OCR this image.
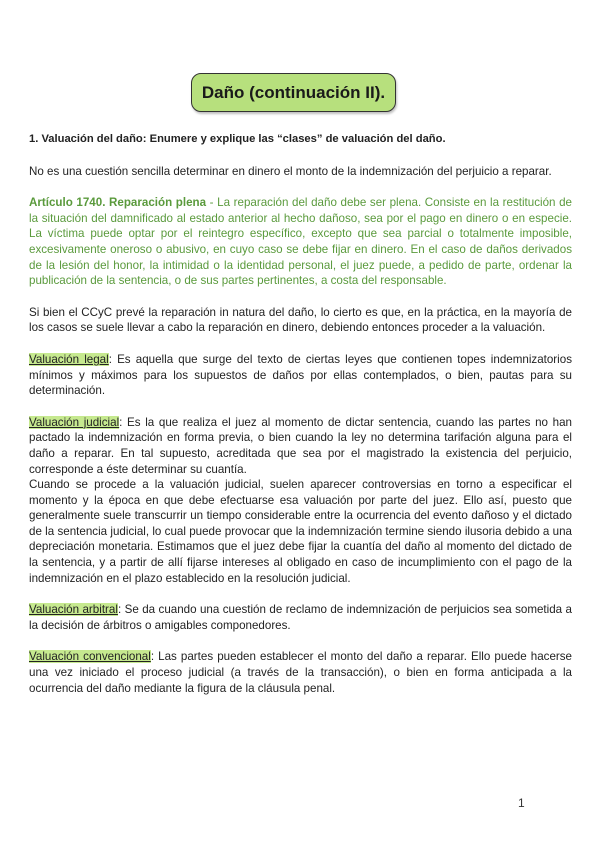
Daño (continuación II).

1. Valuación del daño: Enumere y explique las “clases” de valuación del daño.

No es una cuestión sencilla determinar en dinero el monto de la indemnización del perjuicio a reparar.

Artículo 1740. Reparación plena - La reparación del daño debe ser plena. Consiste en la restitución de la situación del damnificado al estado anterior al hecho dañoso, sea por el pago en dinero o en especie. La víctima puede optar por el reintegro específico, excepto que sea parcial o totalmente imposible, excesivamente oneroso o abusivo, en cuyo caso se debe fijar en dinero. En el caso de daños derivados de la lesión del honor, la intimidad o la identidad personal, el juez puede, a pedido de parte, ordenar la publicación de la sentencia, o de sus partes pertinentes, a costa del responsable.

Si bien el CCyC prevé la reparación in natura del daño, lo cierto es que, en la práctica, en la mayoría de los casos se suele llevar a cabo la reparación en dinero, debiendo entonces proceder a la valuación.

Valuación legal: Es aquella que surge del texto de ciertas leyes que contienen topes indemnizatorios mínimos y máximos para los supuestos de daños por ellas contemplados, o bien, pautas para su determinación.

Valuación judicial: Es la que realiza el juez al momento de dictar sentencia, cuando las partes no han pactado la indemnización en forma previa, o bien cuando la ley no determina tarifación alguna para el daño a reparar. En tal supuesto, acreditada que sea por el magistrado la existencia del perjuicio, corresponde a éste determinar su cuantía.

Cuando se procede a la valuación judicial, suelen aparecer controversias en torno a especificar el momento y la época en que debe efectuarse esa valuación por parte del juez. Ello así, puesto que generalmente suele transcurrir un tiempo considerable entre la ocurrencia del evento dañoso y el dictado de la sentencia judicial, lo cual puede provocar que la indemnización termine siendo ilusoria debido a una depreciación monetaria. Estimamos que el juez debe fijar la cuantía del daño al momento del dictado de la sentencia, y a partir de allí fijarse intereses al obligado en caso de incumplimiento con el pago de la indemnización en el plazo establecido en la resolución judicial.

Valuación arbitral: Se da cuando una cuestión de reclamo de indemnización de perjuicios sea sometida a la decisión de árbitros o amigables componedores.

Valuación convencional: Las partes pueden establecer el monto del daño a reparar. Ello puede hacerse una vez iniciado el proceso judicial (a través de la transacción), o bien en forma anticipada a la ocurrencia del daño mediante la figura de la cláusula penal.

1
